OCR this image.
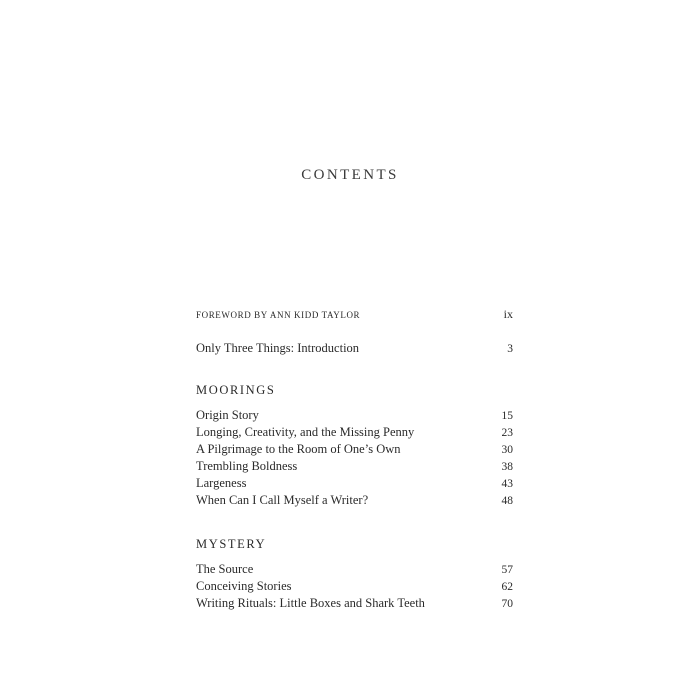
CONTENTS
FOREWORD BY ANN KIDD TAYLOR	ix
Only Three Things: Introduction	3
MOORINGS
Origin Story	15
Longing, Creativity, and the Missing Penny	23
A Pilgrimage to the Room of One’s Own	30
Trembling Boldness	38
Largeness	43
When Can I Call Myself a Writer?	48
MYSTERY
The Source	57
Conceiving Stories	62
Writing Rituals: Little Boxes and Shark Teeth	70
